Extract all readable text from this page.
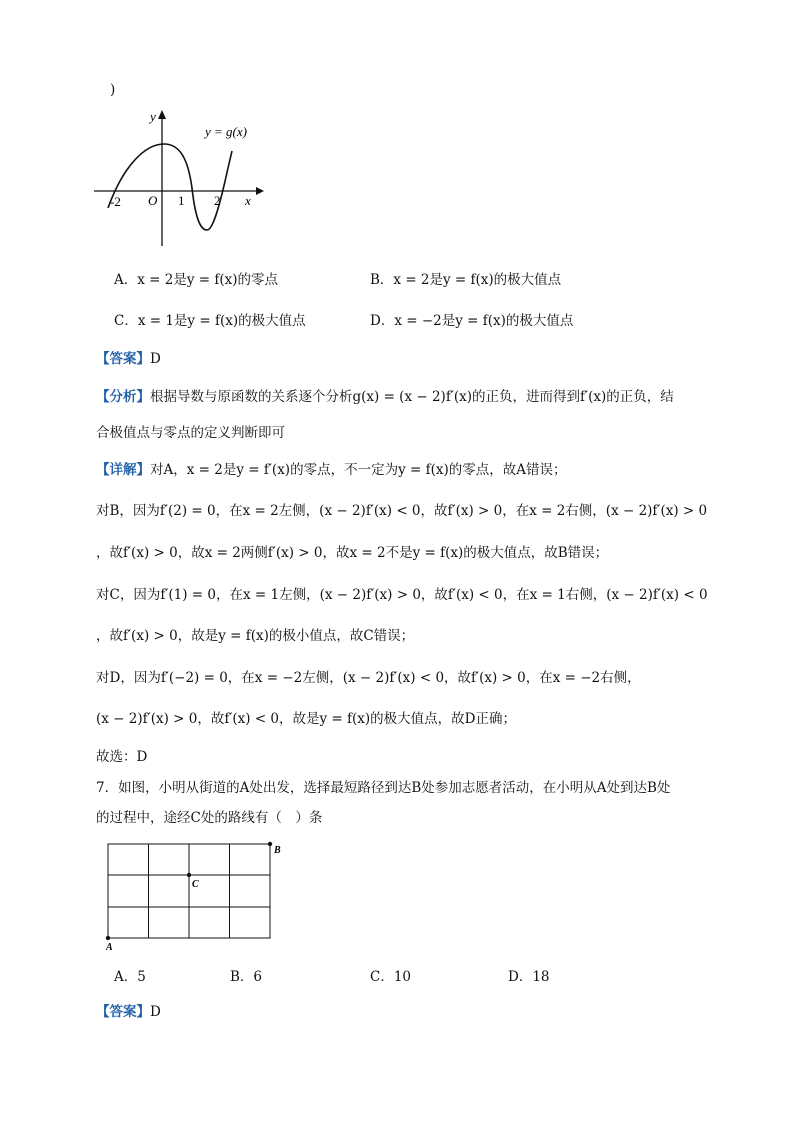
)
y
x
O
-2	1 2
y = g(x)
A．x = 2是y = f(x)的零点	B．x = 2是y = f(x)的极大值点
C．x = 1是y = f(x)的极大值点	D．x = −2是y = f(x)的极大值点
【答案】D
【分析】根据导数与原函数的关系逐个分析g(x) = (x − 2)f′(x)的正负，进而得到f′(x)的正负，结
合极值点与零点的定义判断即可
【详解】对A，x = 2是y = f′(x)的零点，不一定为y = f(x)的零点，故A错误；
对B，因为f′(2) = 0，在x = 2左侧，(x − 2)f′(x) < 0，故f′(x) > 0，在x = 2右侧，(x − 2)f′(x) > 0
，故f′(x) > 0，故x = 2两侧f′(x) > 0，故x = 2不是y = f(x)的极大值点，故B错误；
对C，因为f′(1) = 0，在x = 1左侧，(x − 2)f′(x) > 0，故f′(x) < 0，在x = 1右侧，(x − 2)f′(x) < 0
，故f′(x) > 0，故是y = f(x)的极小值点，故C错误；
对D，因为f′(−2) = 0，在x = −2左侧，(x − 2)f′(x) < 0，故f′(x) > 0，在x = −2右侧，
(x − 2)f′(x) > 0，故f′(x) < 0，故是y = f(x)的极大值点，故D正确；
故选：D
7．如图，小明从街道的A处出发，选择最短路径到达B处参加志愿者活动，在小明从A处到达B处
的过程中，途经C处的路线有（　）条
A
B
C
A．5	B．6	C．10	D．18
【答案】D
